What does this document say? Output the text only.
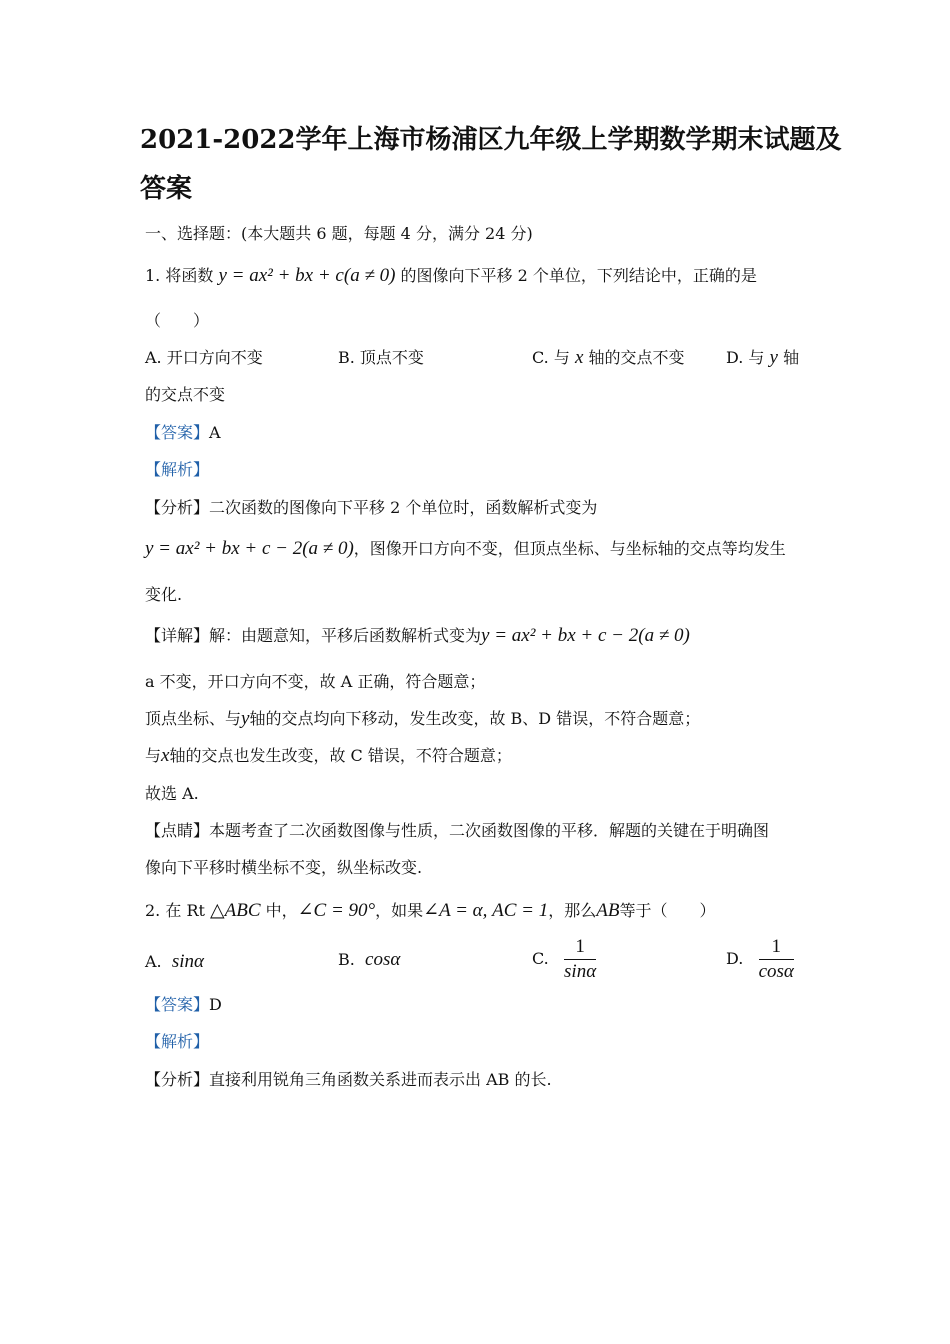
2021-2022学年上海市杨浦区九年级上学期数学期末试题及
答案
一、选择题：(本大题共 6 题，每题 4 分，满分 24 分)
1. 将函数 y = ax² + bx + c(a ≠ 0) 的图像向下平移 2 个单位，下列结论中，正确的是
（　　）
A. 开口方向不变	B. 顶点不变	C. 与 x 轴的交点不变	D. 与 y 轴
的交点不变
【答案】A
【解析】
【分析】二次函数的图像向下平移 2 个单位时，函数解析式变为
y = ax² + bx + c − 2(a ≠ 0)，图像开口方向不变，但顶点坐标、与坐标轴的交点等均发生
变化.
【详解】解：由题意知，平移后函数解析式变为y = ax² + bx + c − 2(a ≠ 0)
a 不变，开口方向不变，故 A 正确，符合题意；
顶点坐标、与y轴的交点均向下移动，发生改变，故 B、D 错误，不符合题意；
与x轴的交点也发生改变，故 C 错误，不符合题意；
故选 A.
【点睛】本题考查了二次函数图像与性质，二次函数图像的平移．解题的关键在于明确图
像向下平移时横坐标不变，纵坐标改变.
2. 在 Rt △ABC 中，∠C = 90°，如果∠A = α, AC = 1，那么AB等于（　　）
A. sinα	B. cosα	C. $\frac{1}{\sin\alpha}$	D. $\frac{1}{\cos\alpha}$
【答案】D
【解析】
【分析】直接利用锐角三角函数关系进而表示出 AB 的长.
